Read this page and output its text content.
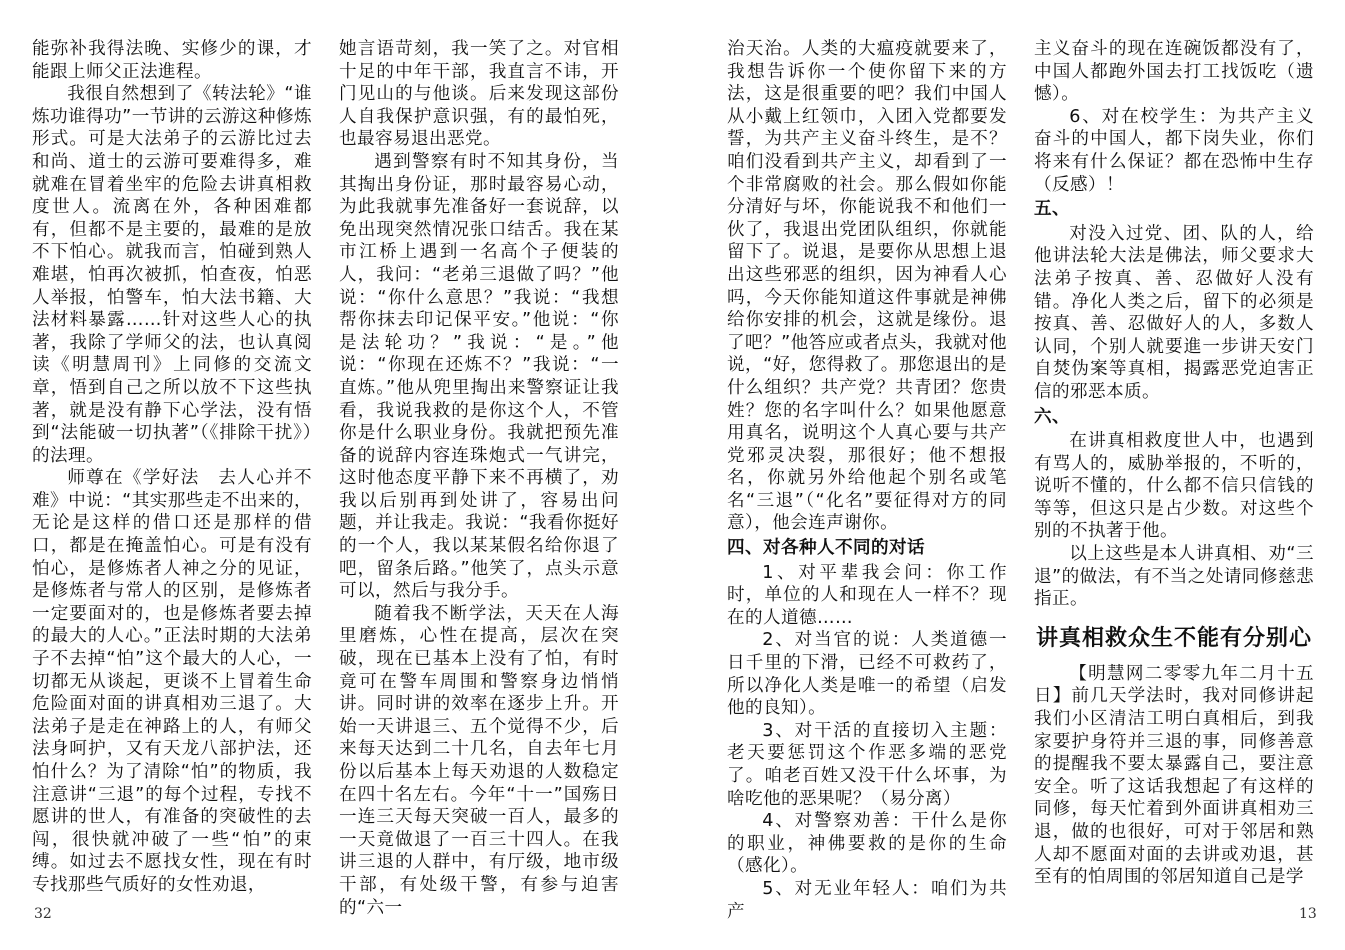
能弥补我得法晚、实修少的课，才能跟上师父正法進程。

我很自然想到了《转法轮》“谁炼功谁得功”一节讲的云游这种修炼形式。可是大法弟子的云游比过去和尚、道士的云游可要难得多，难就难在冒着坐牢的危险去讲真相救度世人。流离在外，各种困难都有，但都不是主要的，最难的是放不下怕心。就我而言，怕碰到熟人难堪，怕再次被抓，怕查夜，怕恶人举报，怕警车，怕大法书籍、大法材料暴露……针对这些人心的执著，我除了学师父的法，也认真阅读《明慧周刊》上同修的交流文章，悟到自己之所以放不下这些执著，就是没有静下心学法，没有悟到“法能破一切执著”（《排除干扰》）的法理。

师尊在《学好法　去人心并不难》中说：“其实那些走不出来的，无论是这样的借口还是那样的借口，都是在掩盖怕心。可是有没有怕心，是修炼者人神之分的见证，是修炼者与常人的区别，是修炼者一定要面对的，也是修炼者要去掉的最大的人心。”正法时期的大法弟子不去掉“怕”这个最大的人心，一切都无从谈起，更谈不上冒着生命危险面对面的讲真相劝三退了。大法弟子是走在神路上的人，有师父法身呵护，又有天龙八部护法，还怕什么？为了清除“怕”的物质，我注意讲“三退”的每个过程，专找不愿讲的世人，有准备的突破性的去闯，很快就冲破了一些“怕”的束缚。如过去不愿找女性，现在有时专找那些气质好的女性劝退，

她言语苛刻，我一笑了之。对官相十足的中年干部，我直言不讳，开门见山的与他谈。后来发现这部份人自我保护意识强，有的最怕死，也最容易退出恶党。

遇到警察有时不知其身份，当其掏出身份证，那时最容易心动，为此我就事先准备好一套说辞，以免出现突然情况张口结舌。我在某市江桥上遇到一名高个子便装的人，我问：“老弟三退做了吗？”他说：“你什么意思？”我说：“我想帮你抹去印记保平安。”他说：“你是法轮功？”我说：“是。”他说：“你现在还炼不？”我说：“一直炼。”他从兜里掏出来警察证让我看，我说我救的是你这个人，不管你是什么职业身份。我就把预先准备的说辞内容连珠炮式一气讲完，这时他态度平静下来不再横了，劝我以后别再到处讲了，容易出问题，并让我走。我说：“我看你挺好的一个人，我以某某假名给你退了吧，留条后路。”他笑了，点头示意可以，然后与我分手。

随着我不断学法，天天在人海里磨炼，心性在提高，层次在突破，现在已基本上没有了怕，有时竟可在警车周围和警察身边悄悄讲。同时讲的效率在逐步上升。开始一天讲退三、五个觉得不少，后来每天达到二十几名，自去年七月份以后基本上每天劝退的人数稳定在四十名左右。今年“十一”国殇日一连三天每天突破一百人，最多的一天竟做退了一百三十四人。在我讲三退的人群中，有厅级，地市级干部，有处级干警，有参与迫害的“六一

32

治天治。人类的大瘟疫就要来了，我想告诉你一个使你留下来的方法，这是很重要的吧？我们中国人从小戴上红领巾，入团入党都要发誓，为共产主义奋斗终生，是不？咱们没看到共产主义，却看到了一个非常腐败的社会。那么假如你能分清好与坏，你能说我不和他们一伙了，我退出党团队组织，你就能留下了。说退，是要你从思想上退出这些邪恶的组织，因为神看人心吗，今天你能知道这件事就是神佛给你安排的机会，这就是缘份。退了吧？”他答应或者点头，我就对他说，“好，您得救了。那您退出的是什么组织？共产党？共青团？您贵姓？您的名字叫什么？如果他愿意用真名，说明这个人真心要与共产党邪灵决裂，那很好；他不想报名，你就另外给他起个别名或笔名“三退”（“化名”要征得对方的同意），他会连声谢你。

四、对各种人不同的对话

1、对平辈我会问：你工作时，单位的人和现在人一样不？现在的人道德……

2、对当官的说：人类道德一日千里的下滑，已经不可救药了，所以净化人类是唯一的希望（启发他的良知）。

3、对干活的直接切入主题：老天要惩罚这个作恶多端的恶党了。咱老百姓又没干什么坏事，为啥吃他的恶果呢？（易分离）

4、对警察劝善：干什么是你的职业，神佛要救的是你的生命（感化）。

5、对无业年轻人：咱们为共产

主义奋斗的现在连碗饭都没有了，中国人都跑外国去打工找饭吃（遗憾）。

6、对在校学生：为共产主义奋斗的中国人，都下岗失业，你们将来有什么保证？都在恐怖中生存（反感）！

五、

对没入过党、团、队的人，给他讲法轮大法是佛法，师父要求大法弟子按真、善、忍做好人没有错。净化人类之后，留下的必须是按真、善、忍做好人的人，多数人认同，个别人就要進一步讲天安门自焚伪案等真相，揭露恶党迫害正信的邪恶本质。

六、

在讲真相救度世人中，也遇到有骂人的，威胁举报的，不听的，说听不懂的，什么都不信只信钱的等等，但这只是占少数。对这些个别的不执著于他。

以上这些是本人讲真相、劝“三退”的做法，有不当之处请同修慈悲指正。

讲真相救众生不能有分别心

【明慧网二零零九年二月十五日】前几天学法时，我对同修讲起我们小区清洁工明白真相后，到我家要护身符并三退的事，同修善意的提醒我不要太暴露自己，要注意安全。听了这话我想起了有这样的同修，每天忙着到外面讲真相劝三退，做的也很好，可对于邻居和熟人却不愿面对面的去讲或劝退，甚至有的怕周围的邻居知道自己是学

13
